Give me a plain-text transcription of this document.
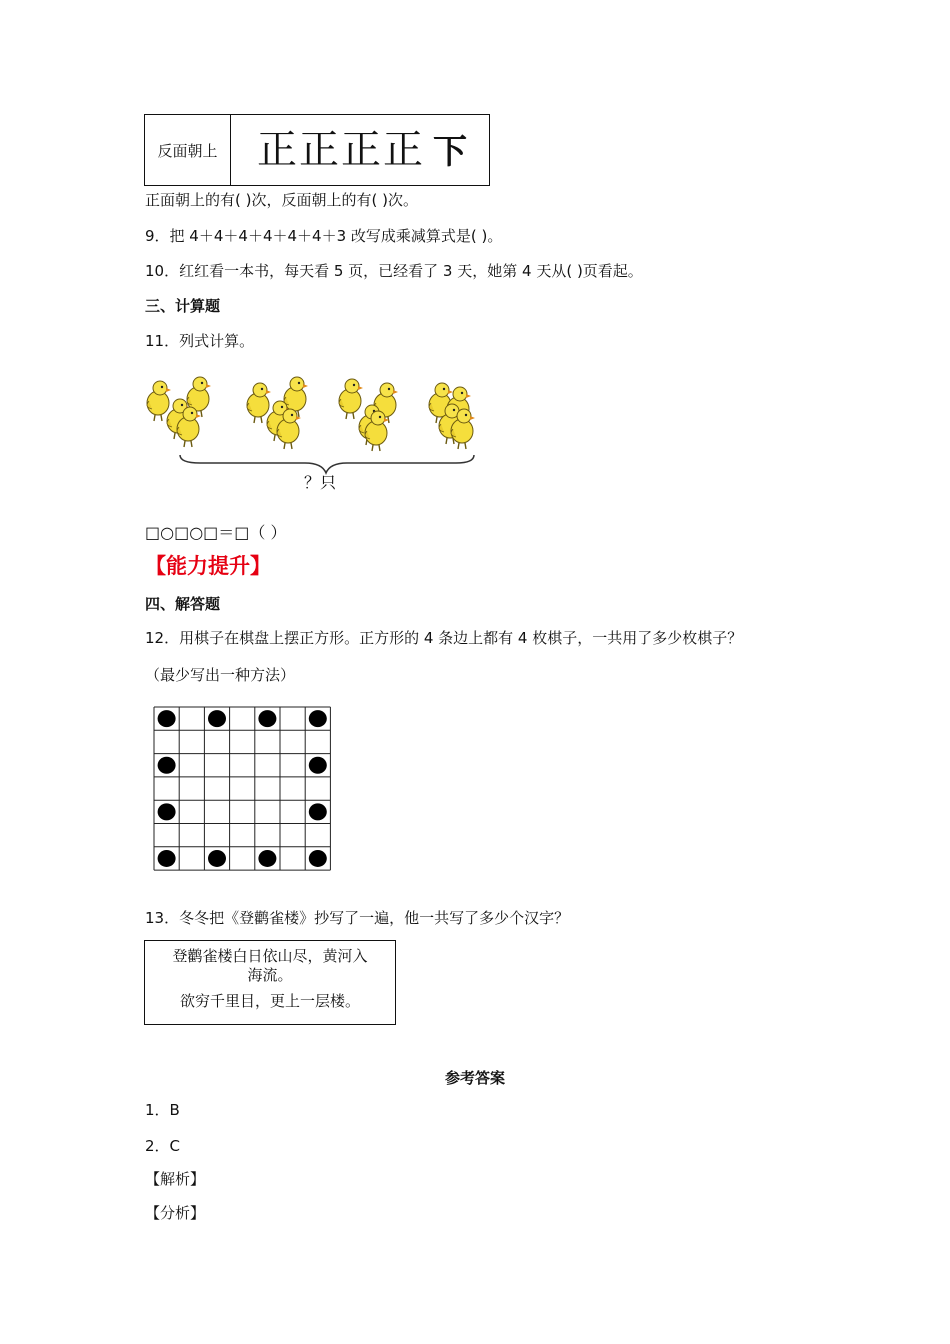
反面朝上 正正正正 下
正面朝上的有( )次，反面朝上的有( )次。
9．把 4＋4＋4＋4＋4＋4＋3 改写成乘减算式是( )。
10．红红看一本书，每天看 5 页，已经看了 3 天，她第 4 天从( )页看起。
三、计算题
11．列式计算。
？只
□○□○□＝□（ ）
【能力提升】
四、解答题
12．用棋子在棋盘上摆正方形。正方形的 4 条边上都有 4 枚棋子，一共用了多少枚棋子？
（最少写出一种方法）
13．冬冬把《登鹳雀楼》抄写了一遍，他一共写了多少个汉字？
登鹳雀楼白日依山尽，黄河入
海流。
欲穷千里目，更上一层楼。
参考答案
1．B
2．C
【解析】
【分析】
